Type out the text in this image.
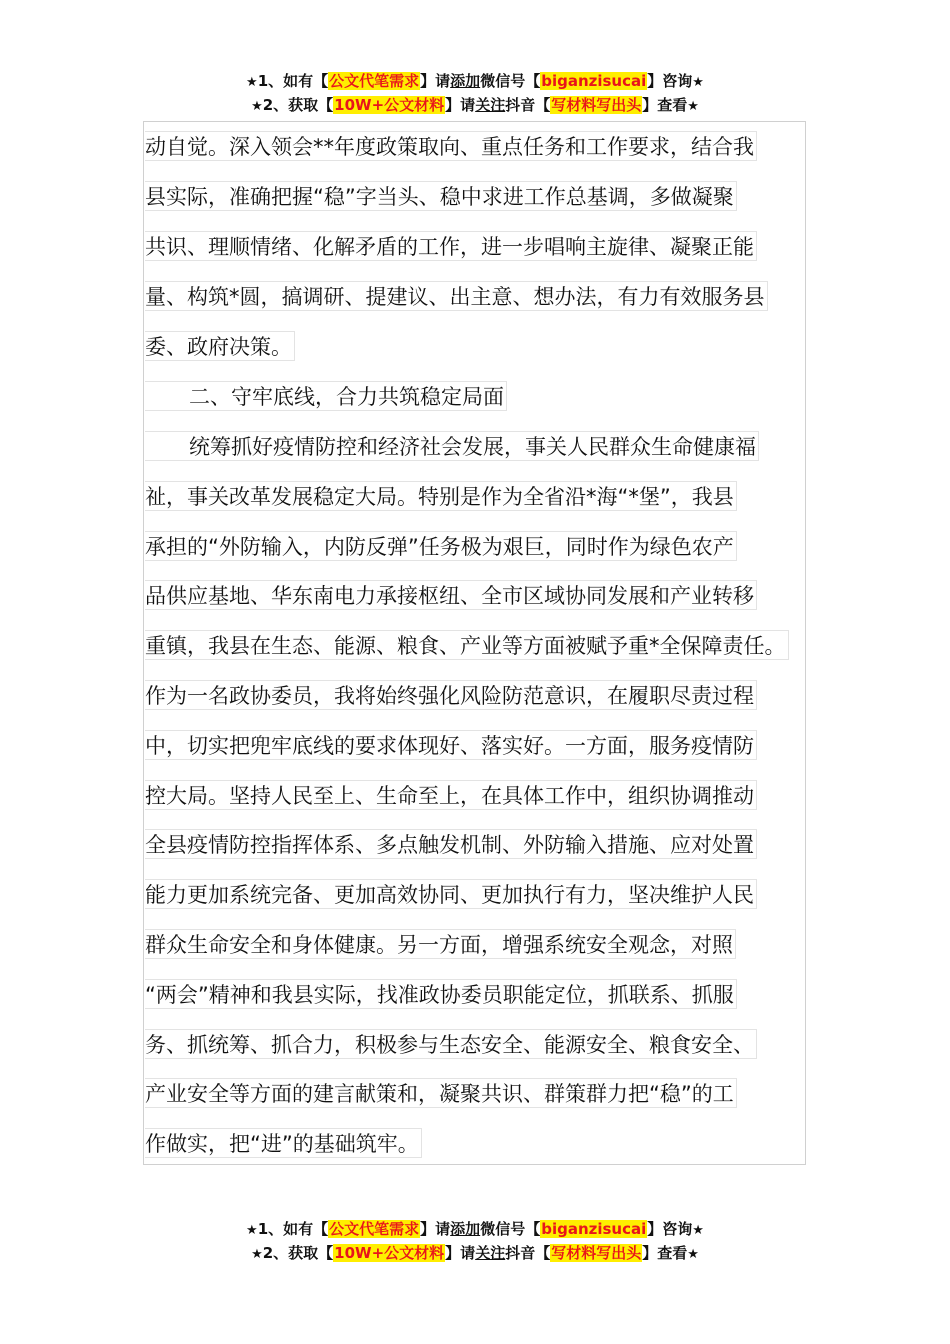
★1、如有【公文代笔需求】请添加微信号【biganzisucai】咨询★
★2、获取【10W+公文材料】请关注抖音【写材料写出头】查看★
动自觉。深入领会**年度政策取向、重点任务和工作要求，结合我
县实际，准确把握“稳”字当头、稳中求进工作总基调，多做凝聚
共识、理顺情绪、化解矛盾的工作，进一步唱响主旋律、凝聚正能
量、构筑*圆，搞调研、提建议、出主意、想办法，有力有效服务县
委、政府决策。
二、守牢底线，合力共筑稳定局面
统筹抓好疫情防控和经济社会发展，事关人民群众生命健康福
祉，事关改革发展稳定大局。特别是作为全省沿*海“*堡”，我县
承担的“外防输入，内防反弹”任务极为艰巨，同时作为绿色农产
品供应基地、华东南电力承接枢纽、全市区域协同发展和产业转移
重镇，我县在生态、能源、粮食、产业等方面被赋予重*全保障责任。
作为一名政协委员，我将始终强化风险防范意识，在履职尽责过程
中，切实把兜牢底线的要求体现好、落实好。一方面，服务疫情防
控大局。坚持人民至上、生命至上，在具体工作中，组织协调推动
全县疫情防控指挥体系、多点触发机制、外防输入措施、应对处置
能力更加系统完备、更加高效协同、更加执行有力，坚决维护人民
群众生命安全和身体健康。另一方面，增强系统安全观念，对照
“两会”精神和我县实际，找准政协委员职能定位，抓联系、抓服
务、抓统筹、抓合力，积极参与生态安全、能源安全、粮食安全、
产业安全等方面的建言献策和，凝聚共识、群策群力把“稳”的工
作做实，把“进”的基础筑牢。
★1、如有【公文代笔需求】请添加微信号【biganzisucai】咨询★
★2、获取【10W+公文材料】请关注抖音【写材料写出头】查看★
